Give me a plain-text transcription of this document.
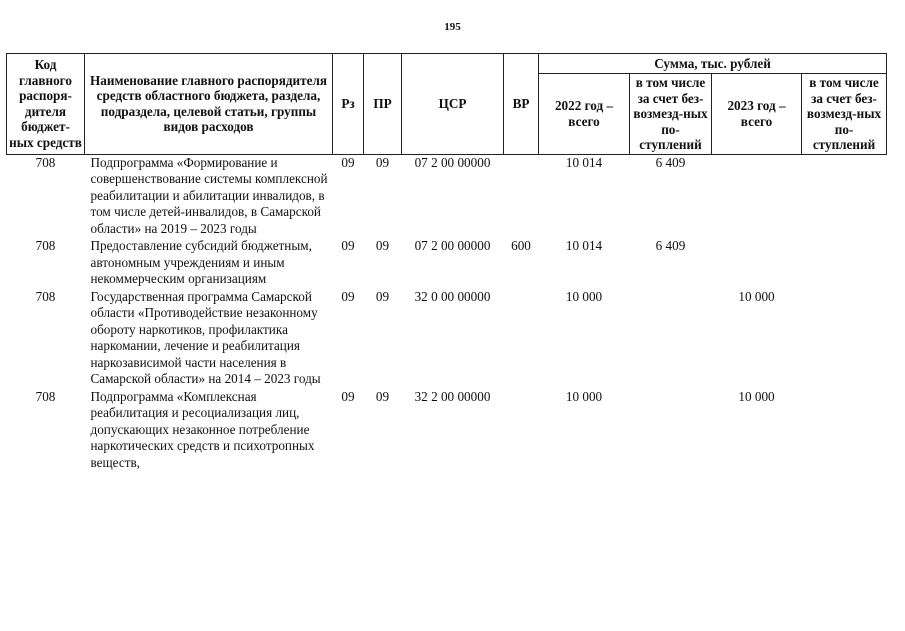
195
Код главного распоря-дителя бюджет-ных средств	Наименование главного распорядителя средств областного бюджета, раздела, подраздела, целевой статьи, группы видов расходов	Рз	ПР	ЦСР	ВР	Сумма, тыс. рублей			
						2022 год – всего	в том числе за счет без-возмезд-ных по-ступлений	2023 год – всего	в том числе за счет без-возмезд-ных по-ступлений
708	Подпрограмма «Формирование и совершенствование системы комплексной реабилитации и абилитации инвалидов, в том числе детей-инвалидов, в Самарской области» на 2019 – 2023 годы	09	09	07 2 00 00000		10 014	6 409		
708	Предоставление субсидий бюджетным, автономным учреждениям и иным некоммерческим организациям	09	09	07 2 00 00000	600	10 014	6 409		
708	Государственная программа Самарской области «Противодействие незаконному обороту наркотиков, профилактика наркомании, лечение и реабилитация наркозависимой части населения в Самарской области» на 2014 – 2023 годы	09	09	32 0 00 00000		10 000		10 000	
708	Подпрограмма «Комплексная реабилитация и ресоциализация лиц, допускающих незаконное потребление наркотических средств и психотропных веществ,	09	09	32 2 00 00000		10 000		10 000	
